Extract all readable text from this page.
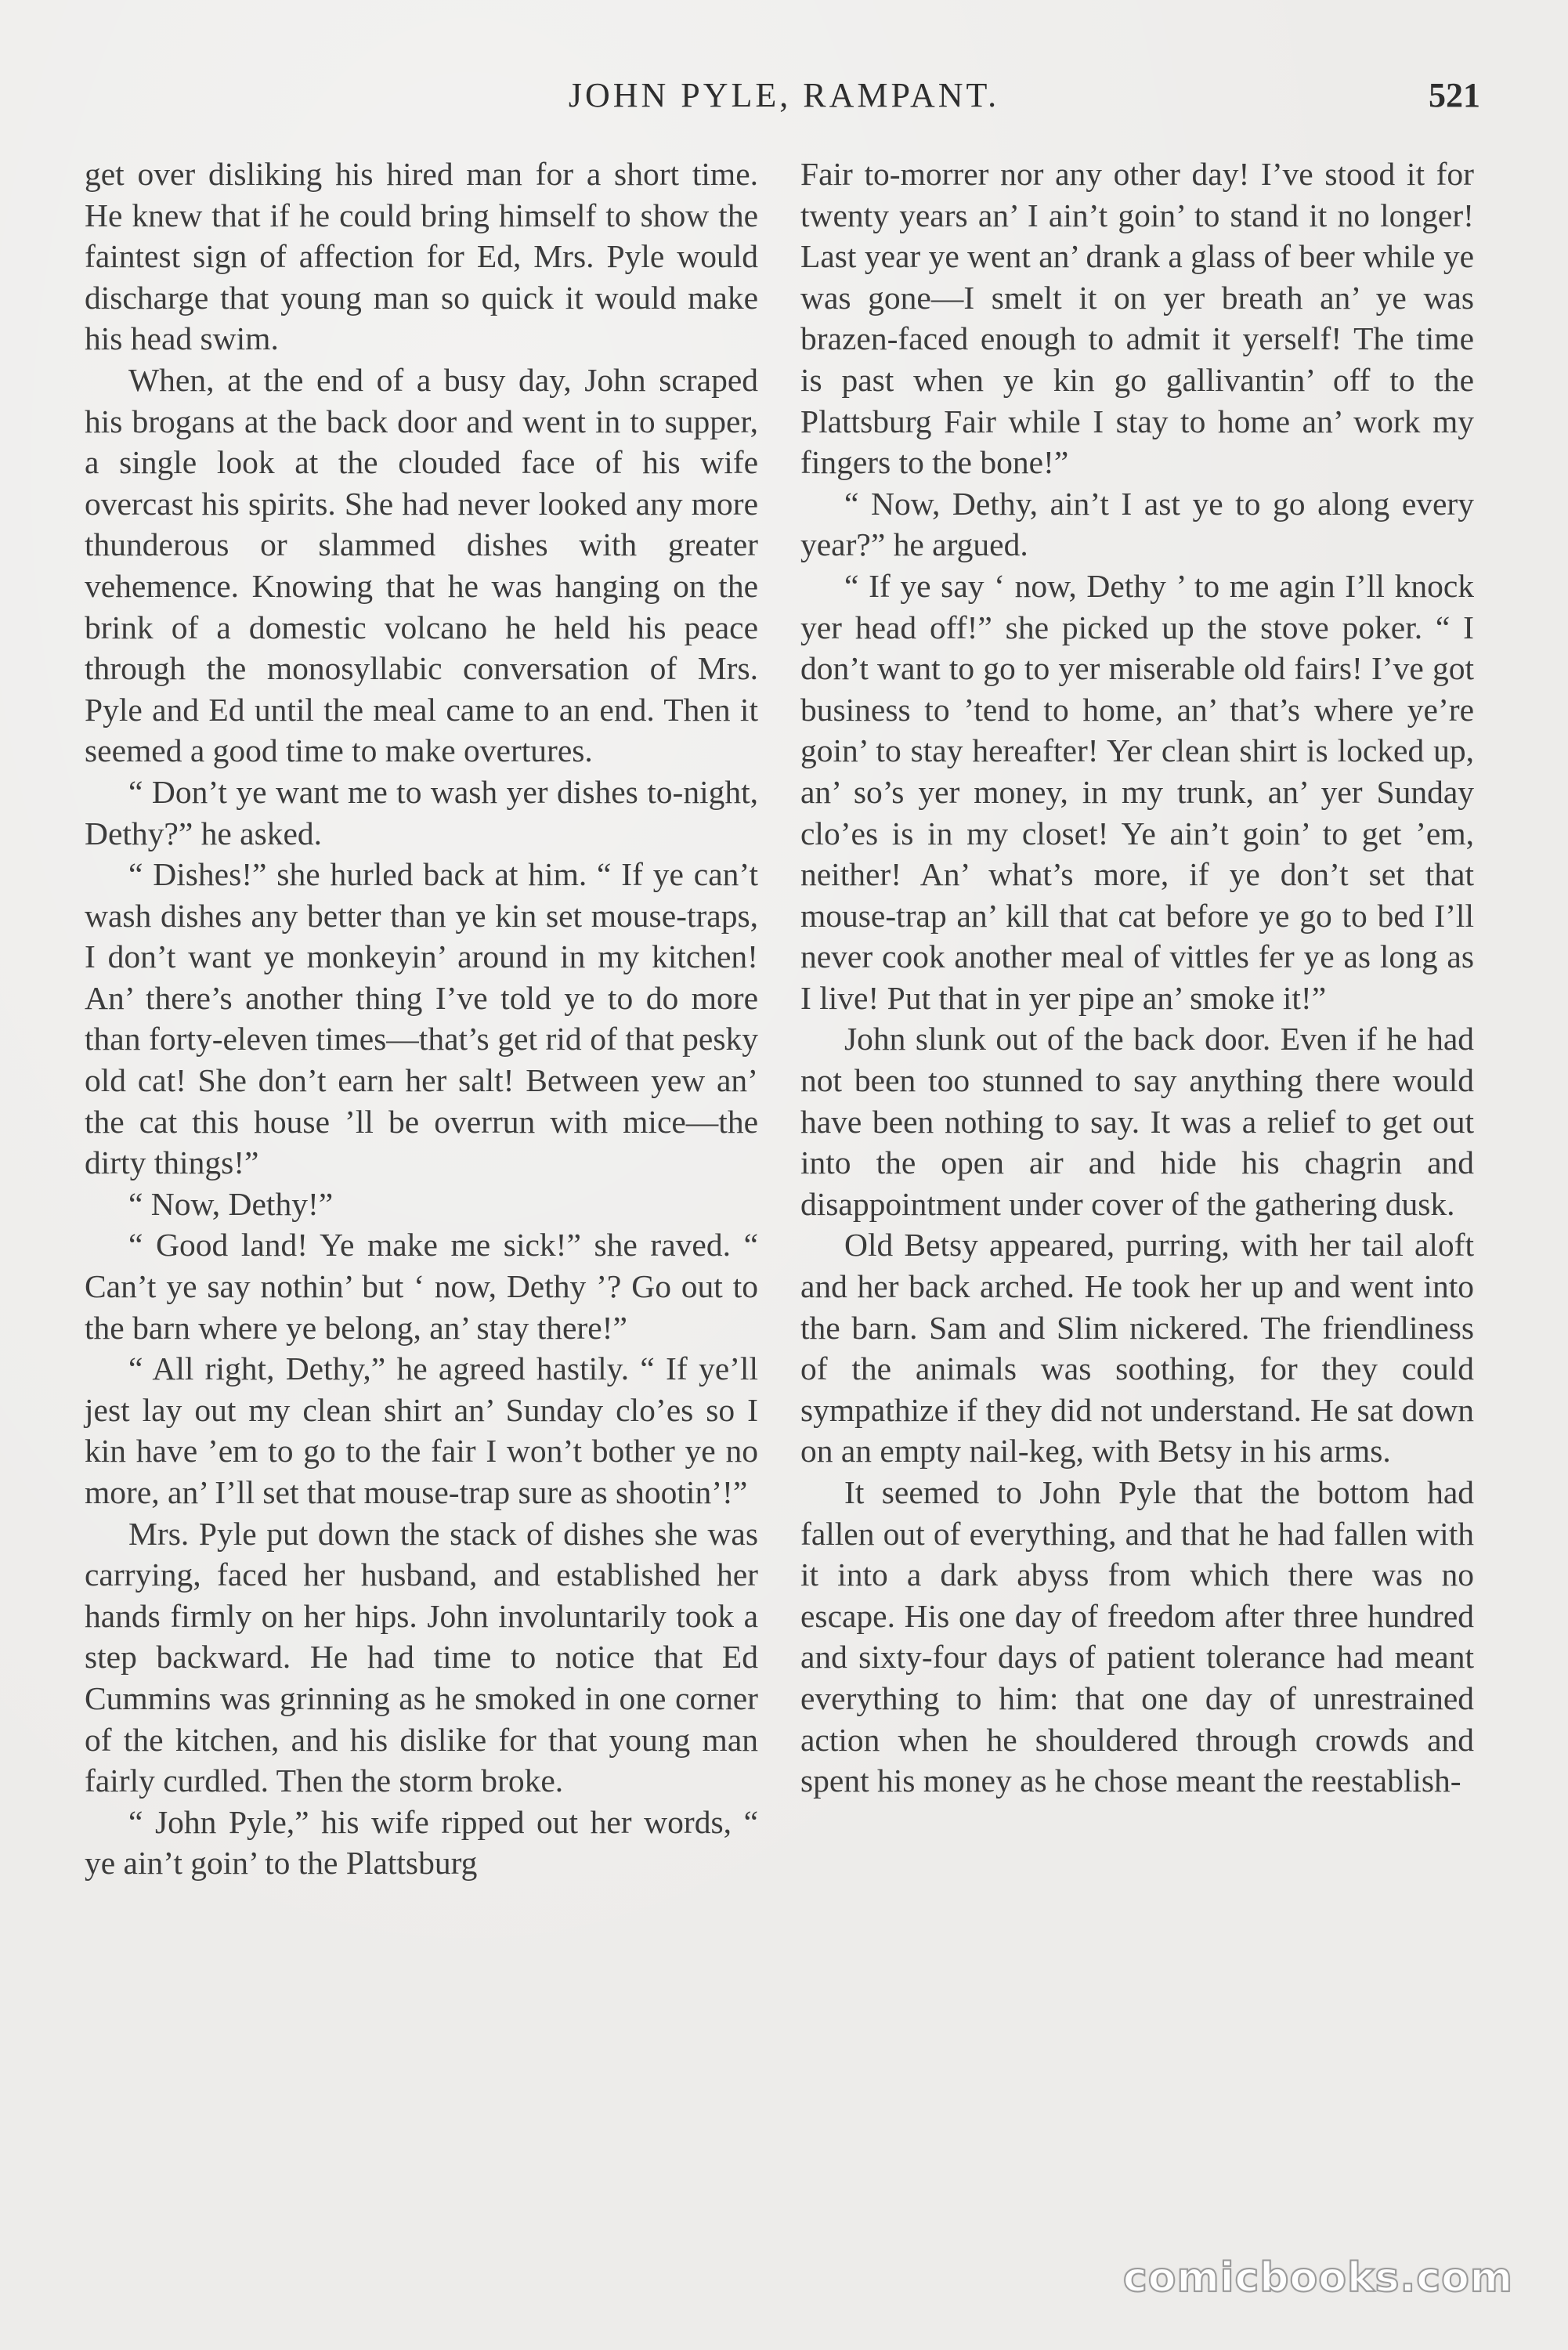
JOHN PYLE, RAMPANT.	521

get over disliking his hired man for a short time. He knew that if he could bring himself to show the faintest sign of affection for Ed, Mrs. Pyle would discharge that young man so quick it would make his head swim.

When, at the end of a busy day, John scraped his brogans at the back door and went in to supper, a single look at the clouded face of his wife overcast his spirits. She had never looked any more thunderous or slammed dishes with greater vehemence. Knowing that he was hanging on the brink of a domestic volcano he held his peace through the monosyllabic conversation of Mrs. Pyle and Ed until the meal came to an end. Then it seemed a good time to make overtures.

“ Don’t ye want me to wash yer dishes to-night, Dethy?” he asked.

“ Dishes!” she hurled back at him. “ If ye can’t wash dishes any better than ye kin set mouse-traps, I don’t want ye monkeyin’ around in my kitchen! An’ there’s another thing I’ve told ye to do more than forty-eleven times—that’s get rid of that pesky old cat! She don’t earn her salt! Between yew an’ the cat this house ’ll be overrun with mice—the dirty things!”

“ Now, Dethy!”

“ Good land! Ye make me sick!” she raved. “ Can’t ye say nothin’ but ‘ now, Dethy ’? Go out to the barn where ye belong, an’ stay there!”

“ All right, Dethy,” he agreed hastily. “ If ye’ll jest lay out my clean shirt an’ Sunday clo’es so I kin have ’em to go to the fair I won’t bother ye no more, an’ I’ll set that mouse-trap sure as shootin’!”

Mrs. Pyle put down the stack of dishes she was carrying, faced her husband, and established her hands firmly on her hips. John involuntarily took a step backward. He had time to notice that Ed Cummins was grinning as he smoked in one corner of the kitchen, and his dislike for that young man fairly curdled. Then the storm broke.

“ John Pyle,” his wife ripped out her words, “ ye ain’t goin’ to the Plattsburg

Fair to-morrer nor any other day! I’ve stood it for twenty years an’ I ain’t goin’ to stand it no longer! Last year ye went an’ drank a glass of beer while ye was gone—I smelt it on yer breath an’ ye was brazen-faced enough to admit it yerself! The time is past when ye kin go gallivantin’ off to the Plattsburg Fair while I stay to home an’ work my fingers to the bone!”

“ Now, Dethy, ain’t I ast ye to go along every year?” he argued.

“ If ye say ‘ now, Dethy ’ to me agin I’ll knock yer head off!” she picked up the stove poker. “ I don’t want to go to yer miserable old fairs! I’ve got business to ’tend to home, an’ that’s where ye’re goin’ to stay hereafter! Yer clean shirt is locked up, an’ so’s yer money, in my trunk, an’ yer Sunday clo’es is in my closet! Ye ain’t goin’ to get ’em, neither! An’ what’s more, if ye don’t set that mouse-trap an’ kill that cat before ye go to bed I’ll never cook another meal of vittles fer ye as long as I live! Put that in yer pipe an’ smoke it!”

John slunk out of the back door. Even if he had not been too stunned to say anything there would have been nothing to say. It was a relief to get out into the open air and hide his chagrin and disappointment under cover of the gathering dusk.

Old Betsy appeared, purring, with her tail aloft and her back arched. He took her up and went into the barn. Sam and Slim nickered. The friendliness of the animals was soothing, for they could sympathize if they did not understand. He sat down on an empty nail-keg, with Betsy in his arms.

It seemed to John Pyle that the bottom had fallen out of everything, and that he had fallen with it into a dark abyss from which there was no escape. His one day of freedom after three hundred and sixty-four days of patient tolerance had meant everything to him: that one day of unrestrained action when he shouldered through crowds and spent his money as he chose meant the reestablish-

comicbooks.com
